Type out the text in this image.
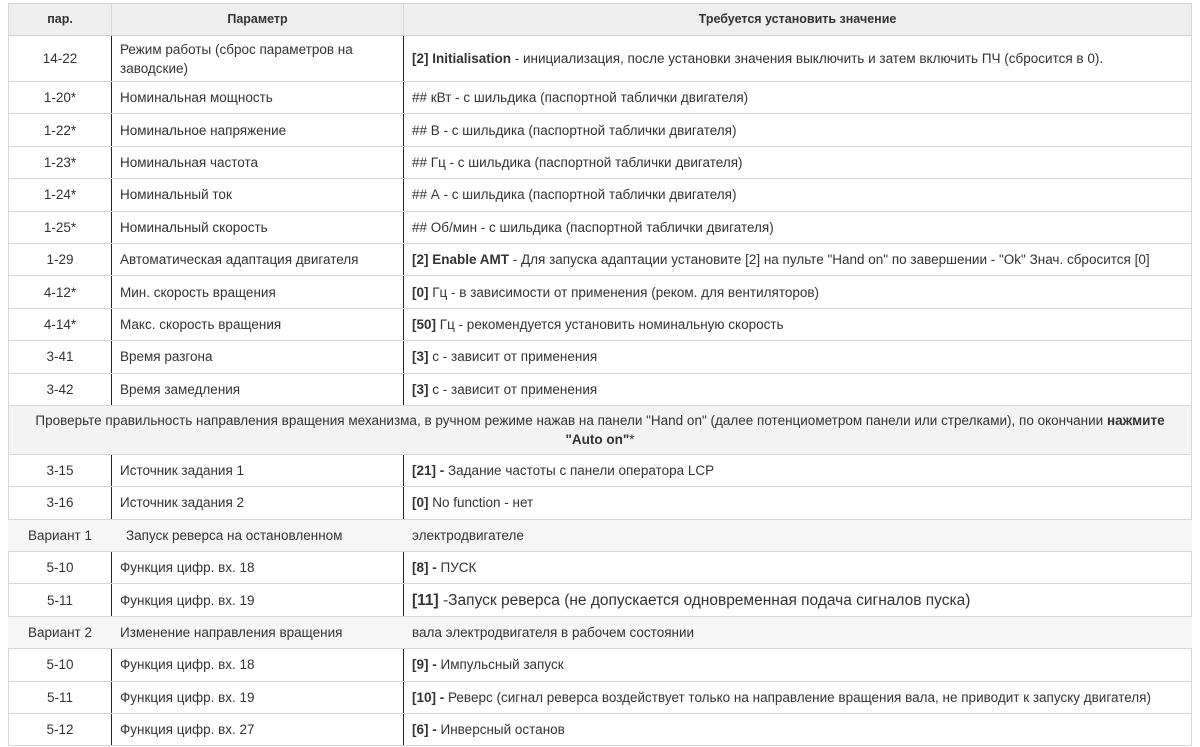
пар.	Параметр	Требуется установить значение
14-22	Режим работы (сброс параметров на заводские)	[2] Initialisation - инициализация, после установки значения выключить и затем включить ПЧ (сбросится в 0).
1-20*	Номинальная мощность	## кВт - с шильдика (паспортной таблички двигателя)
1-22*	Номинальное напряжение	## В - с шильдика (паспортной таблички двигателя)
1-23*	Номинальная частота	## Гц - с шильдика (паспортной таблички двигателя)
1-24*	Номинальный ток	## А - с шильдика (паспортной таблички двигателя)
1-25*	Номинальный скорость	## Об/мин - с шильдика (паспортной таблички двигателя)
1-29	Автоматическая адаптация двигателя	[2] Enable AMT - Для запуска адаптации установите [2] на пульте "Hand on" по завершении - "Ok" Знач. сбросится [0]
4-12*	Мин. скорость вращения	[0] Гц - в зависимости от применения (реком. для вентиляторов)
4-14*	Макс. скорость вращения	[50] Гц - рекомендуется установить номинальную скорость
3-41	Время разгона	[3] с - зависит от применения
3-42	Время замедления	[3] с - зависит от применения
Проверьте правильность направления вращения механизма, в ручном режиме нажав на панели "Hand on" (далее потенциометром панели или стрелками), по окончании нажмите "Auto on"*		
3-15	Источник задания 1	[21] - Задание частоты с панели оператора LCP
3-16	Источник задания 2	[0] No function - нет
Вариант 1	Запуск реверса на остановленном	электродвигателе
5-10	Функция цифр. вх. 18	[8] - ПУСК
5-11	Функция цифр. вх. 19	[11] -Запуск реверса (не допускается одновременная подача сигналов пуска)
Вариант 2	Изменение направления вращения	вала электродвигателя в рабочем состоянии
5-10	Функция цифр. вх. 18	[9] - Импульсный запуск
5-11	Функция цифр. вх. 19	[10] - Реверс (сигнал реверса воздействует только на направление вращения вала, не приводит к запуску двигателя)
5-12	Функция цифр. вх. 27	[6] - Инверсный останов
